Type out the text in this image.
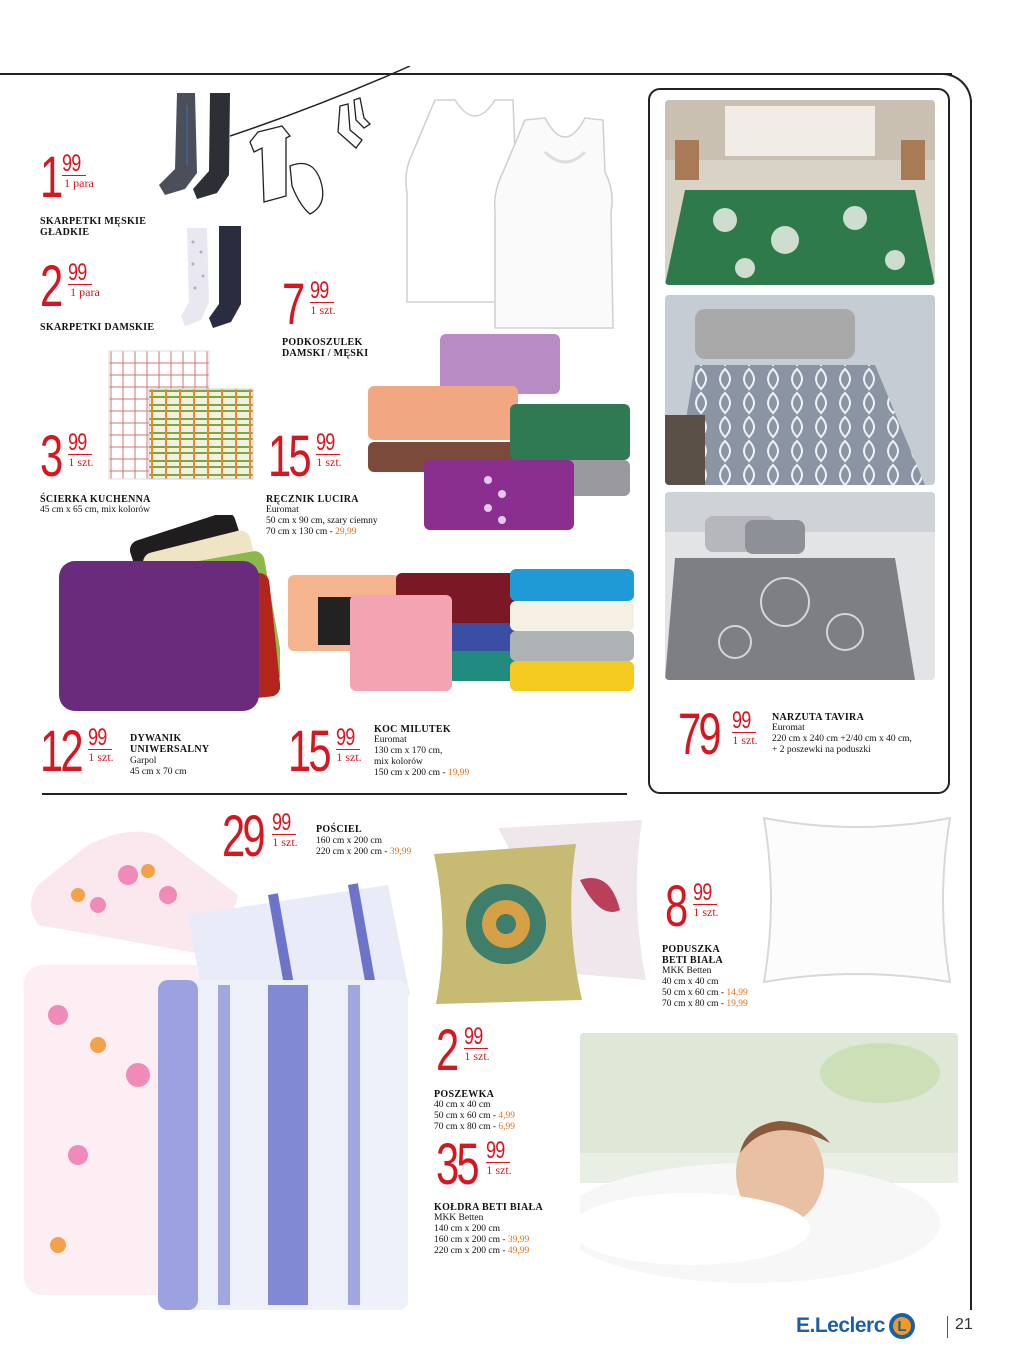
1 99
1 para
SKARPETKI MĘSKIE GŁADKIE
2 99
1 para
SKARPETKI DAMSKIE 7 99
1 szt.
PODKOSZULEK DAMSKI / MĘSKI
3 99
1 szt.
ŚCIERKA KUCHENNA
45 cm x 65 cm, mix kolorów
15 99
1 szt.
RĘCZNIK LUCIRA
Euromat
50 cm x 90 cm, szary ciemny
70 cm x 130 cm - 29,99
12 99
1 szt.
DYWANIK UNIWERSALNY
Garpol
45 cm x 70 cm 15 99
1 szt.
KOC MILUTEK
Euromat
130 cm x 170 cm,
mix kolorów
150 cm x 200 cm - 19,99
79 99
1 szt.
NARZUTA TAVIRA
Euromat
220 cm x 240 cm +2/40 cm x 40 cm,
+ 2 poszewki na poduszki
29 99
1 szt.
POŚCIEL
160 cm x 200 cm
220 cm x 200 cm - 39,99
8 99
1 szt.
PODUSZKA BETI BIAŁA
MKK Betten
40 cm x 40 cm
50 cm x 60 cm - 14,99
70 cm x 80 cm - 19,99
2 99
1 szt.
POSZEWKA
40 cm x 40 cm
50 cm x 60 cm - 4,99
70 cm x 80 cm - 6,99
35 99
1 szt.
KOŁDRA BETI BIAŁA
MKK Betten
140 cm x 200 cm
160 cm x 200 cm - 39,99
220 cm x 200 cm - 49,99
E.Leclerc L	21
